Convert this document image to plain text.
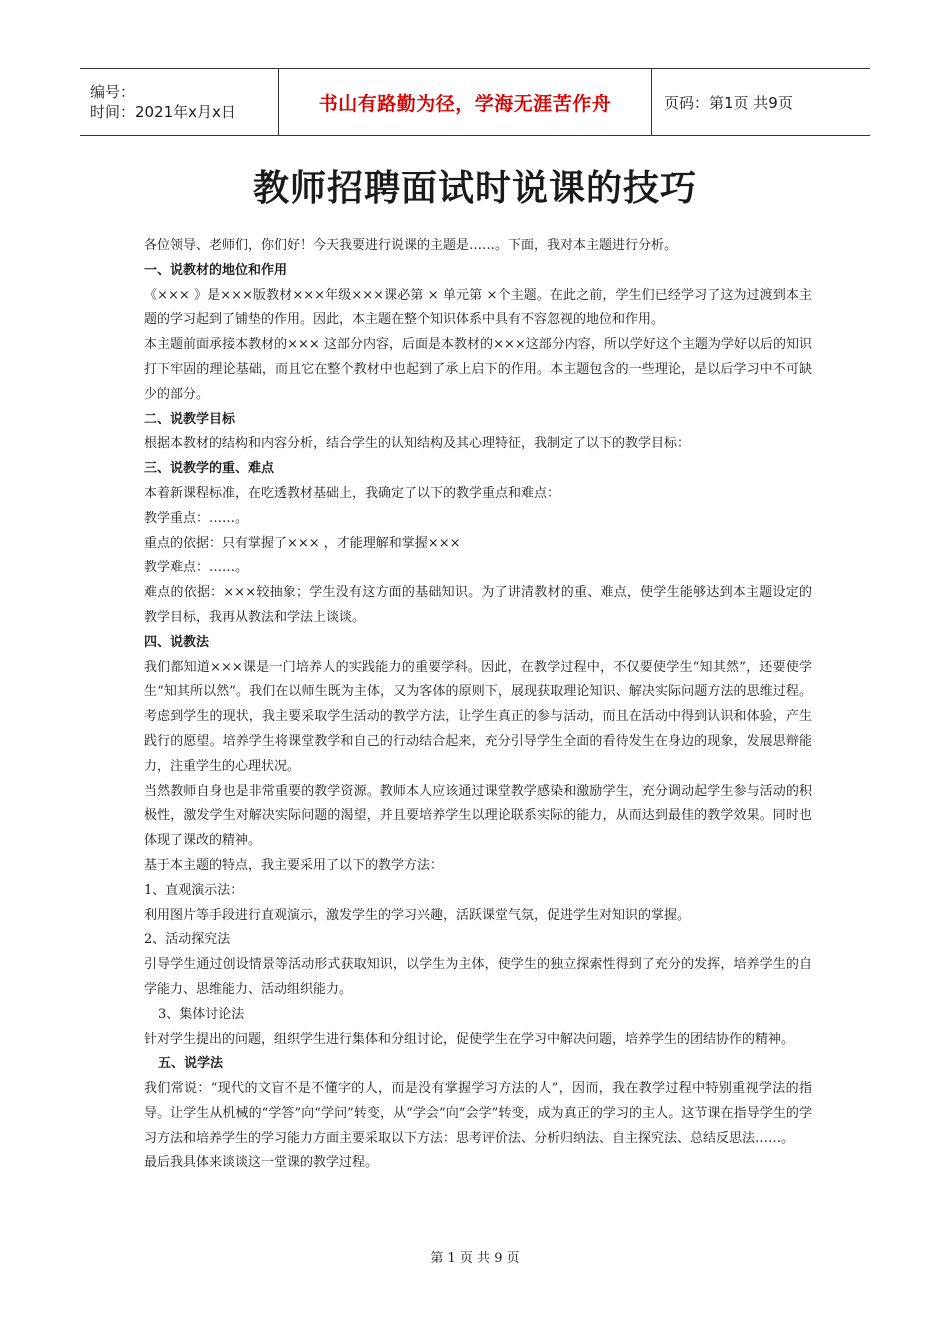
编号：
时间：2021年x月x日	书山有路勤为径，学海无涯苦作舟	页码：第1页 共9页
教师招聘面试时说课的技巧

各位领导、老师们，你们好！今天我要进行说课的主题是……。下面，我对本主题进行分析。

一、说教材的地位和作用

《××× 》是×××版教材×××年级×××课必第 × 单元第 ×个主题。在此之前，学生们已经学习了这为过渡到本主题的学习起到了铺垫的作用。因此，本主题在整个知识体系中具有不容忽视的地位和作用。

本主题前面承接本教材的××× 这部分内容，后面是本教材的×××这部分内容，所以学好这个主题为学好以后的知识打下牢固的理论基础，而且它在整个教材中也起到了承上启下的作用。本主题包含的一些理论，是以后学习中不可缺少的部分。

二、说教学目标

根据本教材的结构和内容分析，结合学生的认知结构及其心理特征，我制定了以下的教学目标：

三、说教学的重、难点

本着新课程标准，在吃透教材基础上，我确定了以下的教学重点和难点：

教学重点：……。

重点的依据：只有掌握了××× ，才能理解和掌握×××

教学难点：……。

难点的依据：×××较抽象；学生没有这方面的基础知识。为了讲清教材的重、难点，使学生能够达到本主题设定的教学目标，我再从教法和学法上谈谈。

四、说教法

我们都知道×××课是一门培养人的实践能力的重要学科。因此，在教学过程中，不仅要使学生“知其然”，还要使学生“知其所以然”。我们在以师生既为主体，又为客体的原则下，展现获取理论知识、解决实际问题方法的思维过程。考虑到学生的现状，我主要采取学生活动的教学方法，让学生真正的参与活动，而且在活动中得到认识和体验，产生践行的愿望。培养学生将课堂教学和自己的行动结合起来，充分引导学生全面的看待发生在身边的现象，发展思辩能力，注重学生的心理状况。

当然教师自身也是非常重要的教学资源。教师本人应该通过课堂教学感染和激励学生，充分调动起学生参与活动的积极性，激发学生对解决实际问题的渴望，并且要培养学生以理论联系实际的能力，从而达到最佳的教学效果。同时也体现了课改的精神。

基于本主题的特点，我主要采用了以下的教学方法：

1、直观演示法：

利用图片等手段进行直观演示，激发学生的学习兴趣，活跃课堂气氛，促进学生对知识的掌握。

2、活动探究法

引导学生通过创设情景等活动形式获取知识，以学生为主体，使学生的独立探索性得到了充分的发挥，培养学生的自学能力、思维能力、活动组织能力。

3、集体讨论法

针对学生提出的问题，组织学生进行集体和分组讨论，促使学生在学习中解决问题，培养学生的团结协作的精神。

五、说学法

我们常说：“现代的文盲不是不懂字的人，而是没有掌握学习方法的人”，因而，我在教学过程中特别重视学法的指导。让学生从机械的“学答”向“学问”转变，从“学会”向“会学”转变，成为真正的学习的主人。这节课在指导学生的学习方法和培养学生的学习能力方面主要采取以下方法：思考评价法、分析归纳法、自主探究法、总结反思法……。

最后我具体来谈谈这一堂课的教学过程。

第 1 页 共 9 页
